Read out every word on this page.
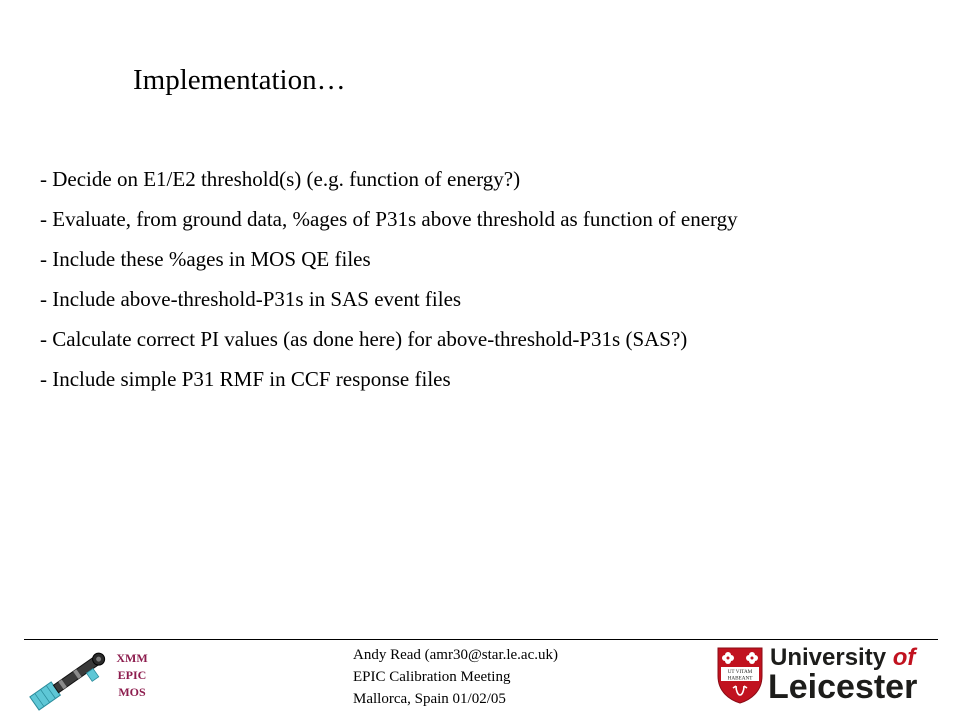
Implementation…
- Decide on E1/E2 threshold(s) (e.g. function of energy?)
- Evaluate, from ground data, %ages of P31s above threshold as function of energy
- Include these %ages in MOS QE files
- Include above-threshold-P31s in SAS event files
- Calculate correct PI values (as done here) for above-threshold-P31s (SAS?)
- Include simple P31 RMF in CCF response files
XMM
EPIC
MOS
Andy Read (amr30@star.le.ac.uk)
EPIC Calibration Meeting
Mallorca, Spain 01/02/05
UT VITAM
HABEANT
University of
Leicester
